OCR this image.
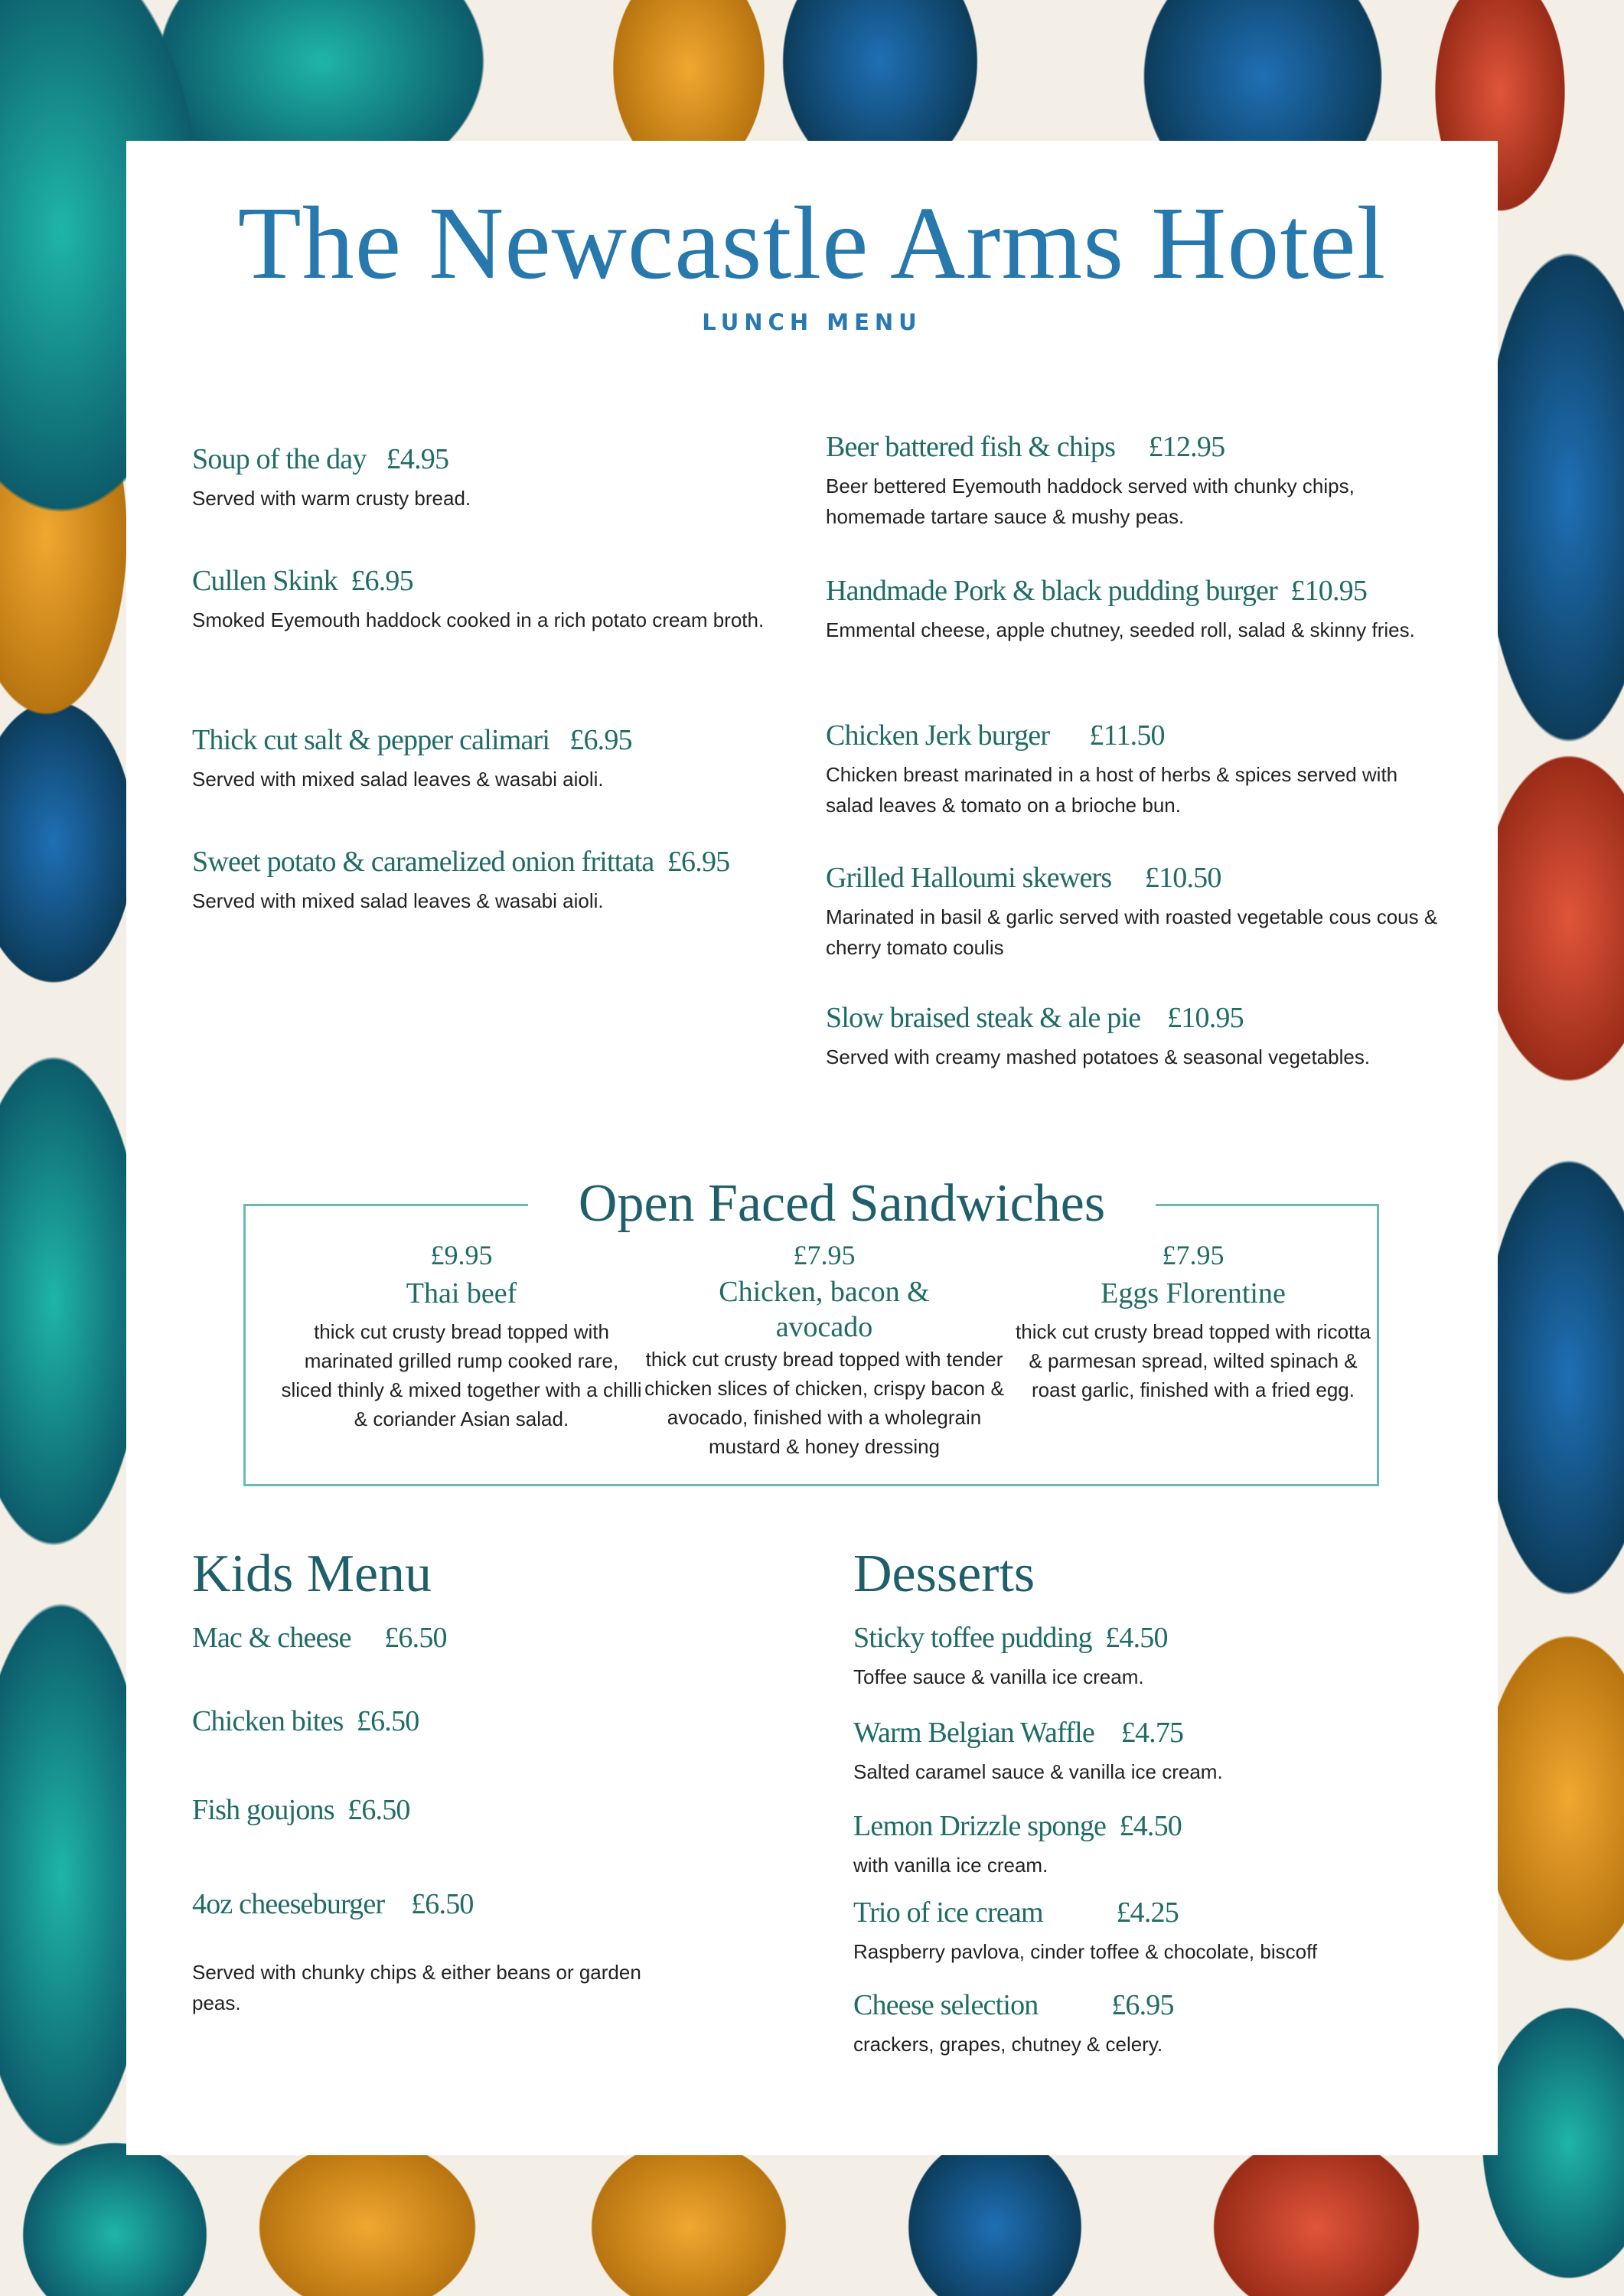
The Newcastle Arms Hotel
LUNCH MENU
Open Faced Sandwiches
Kids Menu	Desserts
Served with chunky chips & either beans or garden peas.
Soup of the day   £4.95
Served with warm crusty bread.
Cullen Skink  £6.95
Smoked Eyemouth haddock cooked in a rich potato cream broth.
Thick cut salt & pepper calimari   £6.95
Served with mixed salad leaves & wasabi aioli.
Sweet potato & caramelized onion frittata  £6.95
Served with mixed salad leaves & wasabi aioli.
Beer battered fish & chips     £12.95
Beer bettered Eyemouth haddock served with chunky chips, homemade tartare sauce & mushy peas.
Handmade Pork & black pudding burger  £10.95
Emmental cheese, apple chutney, seeded roll, salad & skinny fries.
Chicken Jerk burger      £11.50
Chicken breast marinated in a host of herbs & spices served with salad leaves & tomato on a brioche bun.
Grilled Halloumi skewers     £10.50
Marinated in basil & garlic served with roasted vegetable cous cous & cherry tomato coulis
Slow braised steak & ale pie    £10.95
Served with creamy mashed potatoes & seasonal vegetables.
£9.95
Thai beef
thick cut crusty bread topped with marinated grilled rump cooked rare, sliced thinly & mixed together with a chilli & coriander Asian salad.
£7.95
Chicken, bacon & avocado
thick cut crusty bread topped with tender chicken slices of chicken, crispy bacon & avocado, finished with a wholegrain mustard & honey dressing
£7.95
Eggs Florentine
thick cut crusty bread topped with ricotta & parmesan spread, wilted spinach & roast garlic, finished with a fried egg.
Mac & cheese     £6.50
Chicken bites  £6.50
Fish goujons  £6.50
4oz cheeseburger    £6.50
Sticky toffee pudding  £4.50
Toffee sauce & vanilla ice cream.
Warm Belgian Waffle    £4.75
Salted caramel sauce & vanilla ice cream.
Lemon Drizzle sponge  £4.50
with vanilla ice cream.
Trio of ice cream           £4.25
Raspberry pavlova, cinder toffee & chocolate, biscoff
Cheese selection           £6.95
crackers, grapes, chutney & celery.
